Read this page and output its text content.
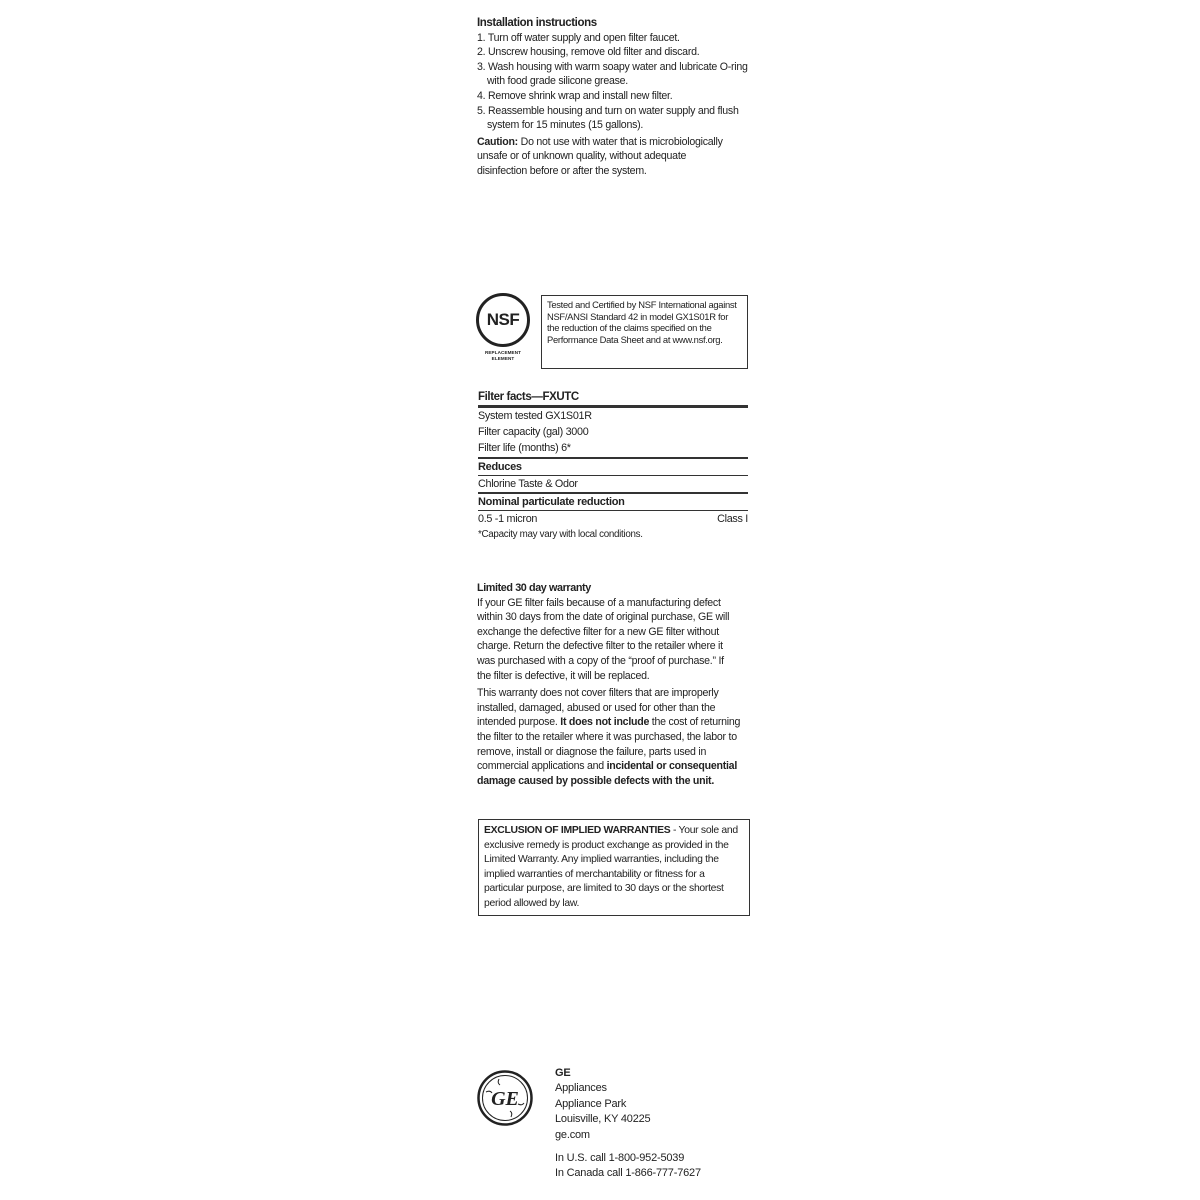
Installation instructions
1. Turn off water supply and open filter faucet.
2. Unscrew housing, remove old filter and discard.
3. Wash housing with warm soapy water and lubricate O-ring with food grade silicone grease.
4. Remove shrink wrap and install new filter.
5. Reassemble housing and turn on water supply and flush system for 15 minutes (15 gallons).

Caution: Do not use with water that is microbiologically unsafe or of unknown quality, without adequate disinfection before or after the system.

NSF
REPLACEMENT ELEMENT
Tested and Certified by NSF International against NSF/ANSI Standard 42 in model GX1S01R for the reduction of the claims specified on the Performance Data Sheet and at www.nsf.org.
Filter facts—FXUTC
System tested GX1S01R
Filter capacity (gal) 3000
Filter life (months) 6*
Reduces
Chlorine Taste & Odor
Nominal particulate reduction
0.5 -1 micron	Class I
*Capacity may vary with local conditions.
Limited 30 day warranty

If your GE filter fails because of a manufacturing defect within 30 days from the date of original purchase, GE will exchange the defective filter for a new GE filter without charge. Return the defective filter to the retailer where it was purchased with a copy of the “proof of purchase.” If the filter is defective, it will be replaced.

This warranty does not cover filters that are improperly installed, damaged, abused or used for other than the intended purpose. It does not include the cost of returning the filter to the retailer where it was purchased, the labor to remove, install or diagnose the failure, parts used in commercial applications and incidental or consequential damage caused by possible defects with the unit.

EXCLUSION OF IMPLIED WARRANTIES - Your sole and exclusive remedy is product exchange as provided in the Limited Warranty. Any implied warranties, including the implied warranties of merchantability or fitness for a particular purpose, are limited to 30 days or the shortest period allowed by law.
GE
GE
Appliances
Appliance Park
Louisville, KY 40225
ge.com
In U.S. call 1-800-952-5039
In Canada call 1-866-777-7627
